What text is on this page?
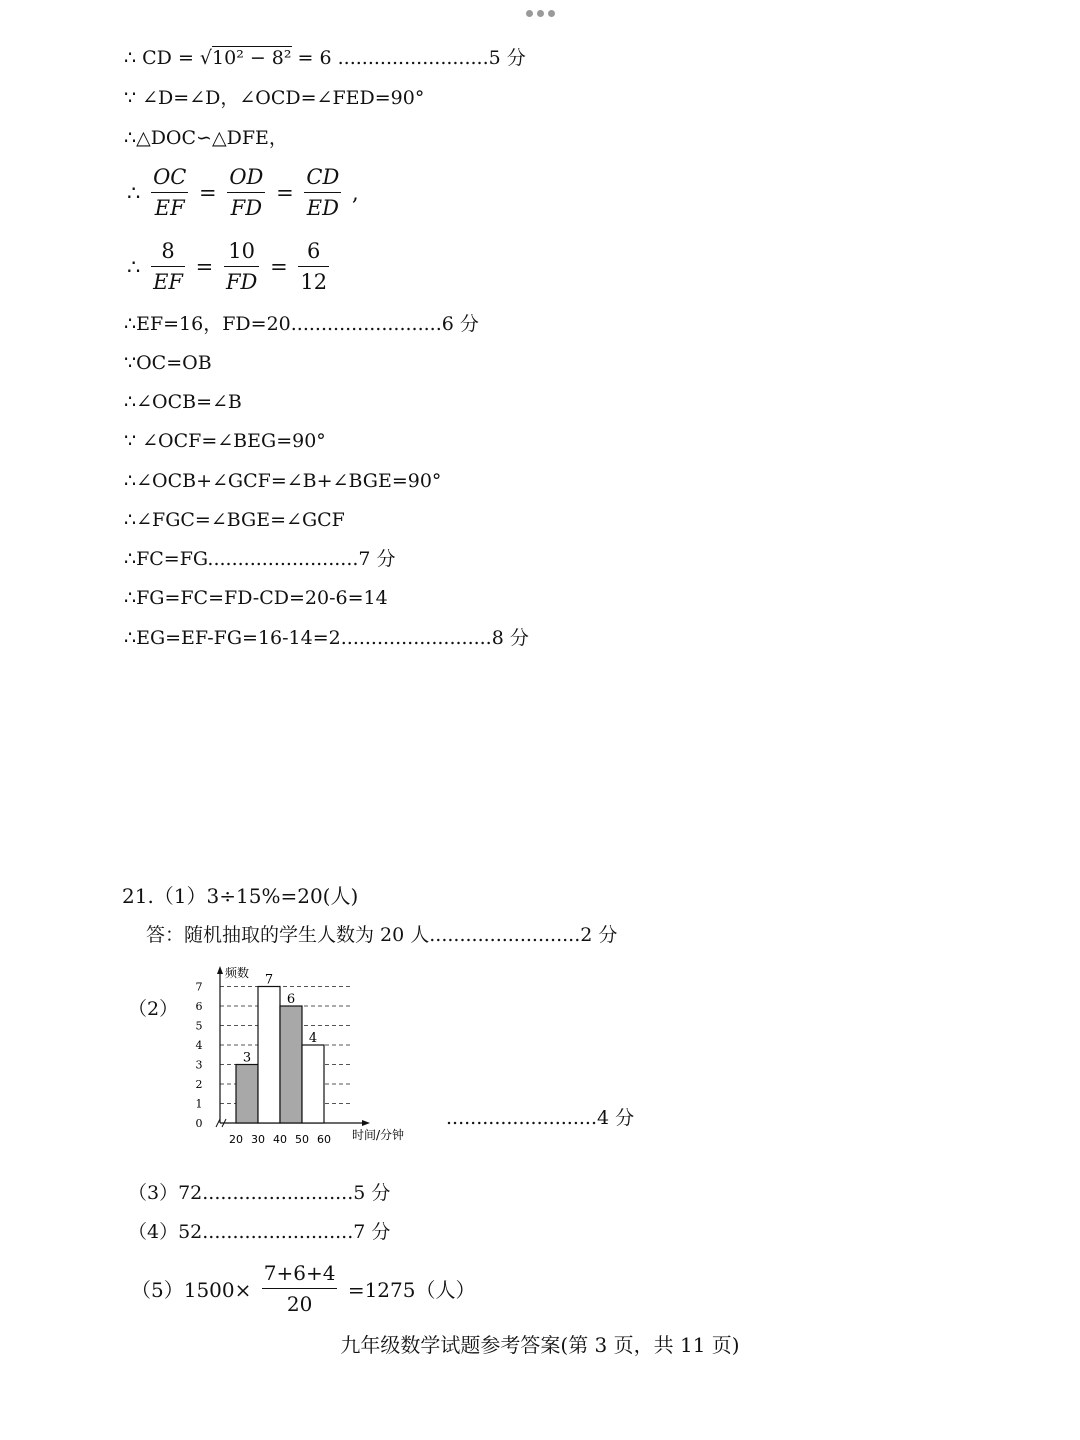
∴ CD = √10² − 8² = 6 .........................5 分
∵ ∠D=∠D，∠OCD=∠FED=90°
∴△DOC∽△DFE，
∴ $\frac{OC}{EF} = \frac{OD}{FD} = \frac{CD}{ED}$ ,
∴ $\frac{8}{EF} = \frac{10}{FD} = \frac{6}{12}$
∴EF=16，FD=20.........................6 分
∵OC=OB
∴∠OCB=∠B
∵ ∠OCF=∠BEG=90°
∴∠OCB+∠GCF=∠B+∠BGE=90°
∴∠FGC=∠BGE=∠GCF
∴FC=FG.........................7 分
∴FG=FC=FD-CD=20-6=14
∴EG=EF-FG=16-14=2.........................8 分
21.（1）3÷15%=20(人)
答：随机抽取的学生人数为 20 人.........................2 分
（2）
3
7
6
4
0
1
2
3
4
5
6
7
20 30 40 50 60
频数
时间/分钟
.........................4 分
（3）72.........................5 分
（4）52.........................7 分
$(5)1500\times \frac{7+6+4}{20} =1275$（人）
九年级数学试题参考答案(第 3 页，共 11 页)
